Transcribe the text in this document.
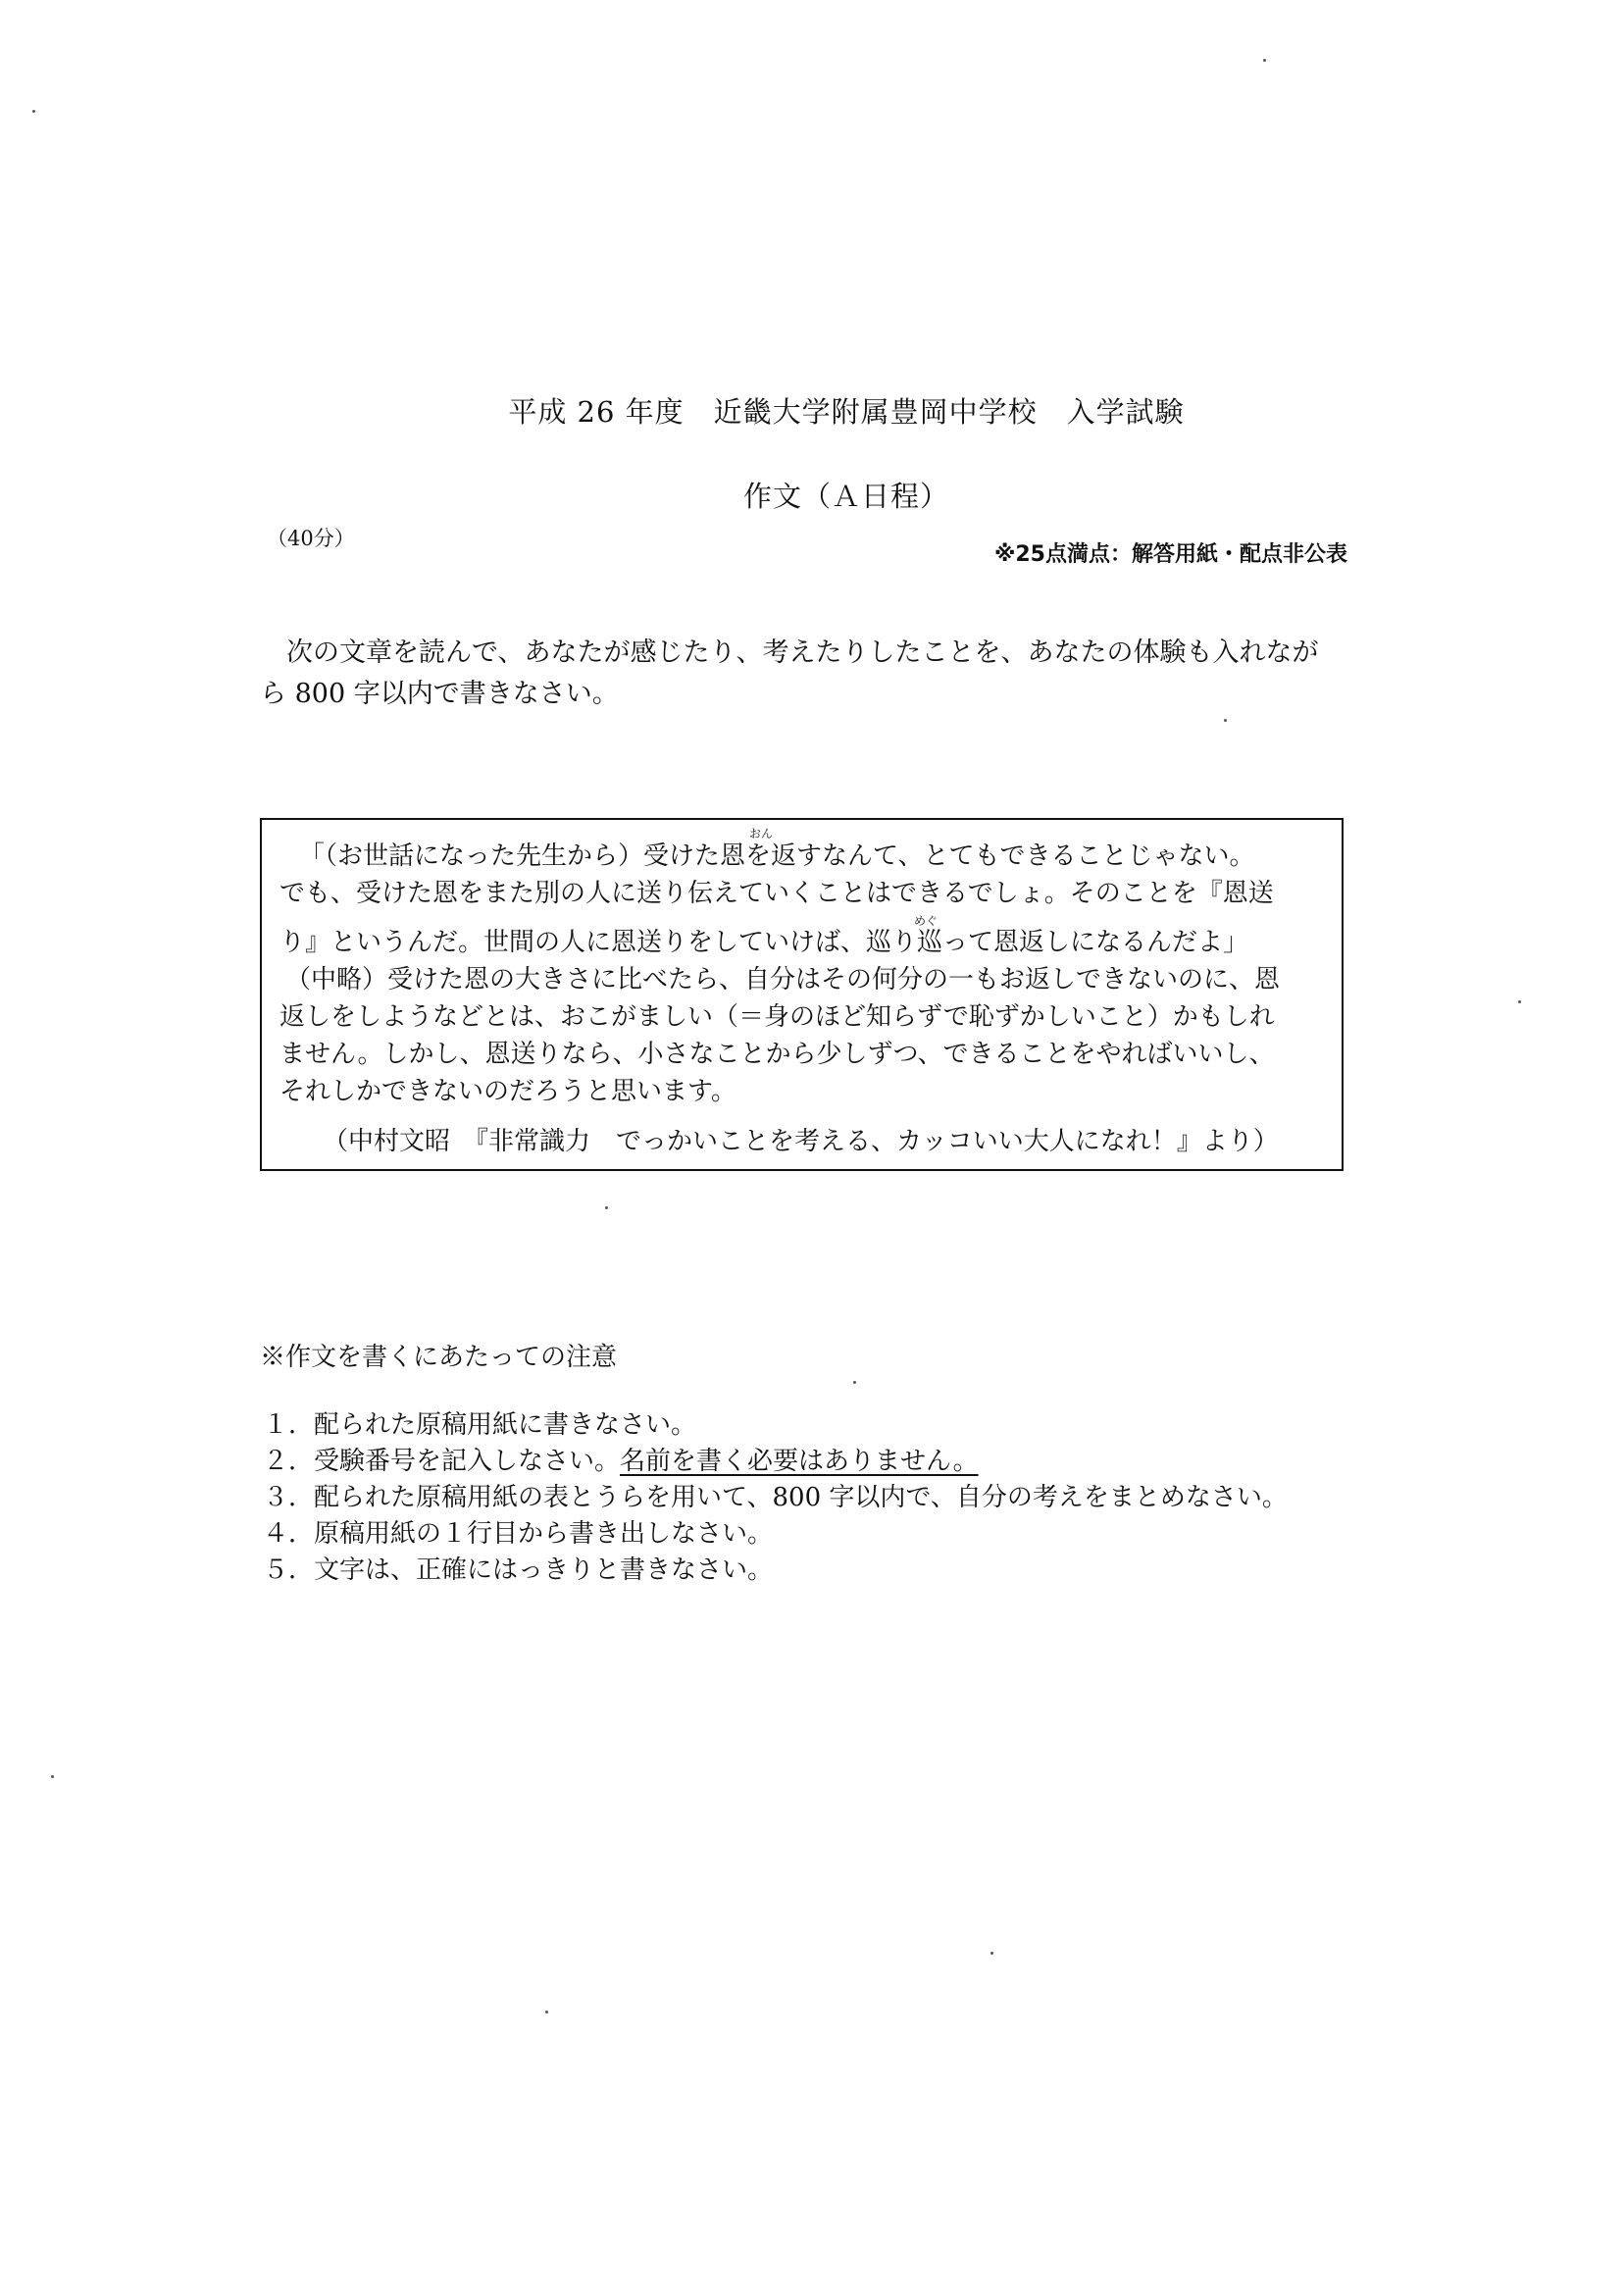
平成 26 年度　近畿大学附属豊岡中学校　入学試験
作文（Ａ日程）
（40分）
※25点満点：解答用紙・配点非公表
次の文章を読んで、あなたが感じたり、考えたりしたことを、あなたの体験も入れなが
ら 800 字以内で書きなさい。
おん
「（お世話になった先生から）受けた恩を返すなんて、とてもできることじゃない。
でも、受けた恩をまた別の人に送り伝えていくことはできるでしょ。そのことを『恩送
めぐ
り』というんだ。世間の人に恩送りをしていけば、巡り巡って恩返しになるんだよ」
（中略）受けた恩の大きさに比べたら、自分はその何分の一もお返しできないのに、恩
返しをしようなどとは、おこがましい（＝身のほど知らずで恥ずかしいこと）かもしれ
ません。しかし、恩送りなら、小さなことから少しずつ、できることをやればいいし、
それしかできないのだろうと思います。
（中村文昭　『非常識力　でっかいことを考える、カッコいい大人になれ！』より）
※作文を書くにあたっての注意
１．配られた原稿用紙に書きなさい。
２．受験番号を記入しなさい。名前を書く必要はありません。
３．配られた原稿用紙の表とうらを用いて、800 字以内で、自分の考えをまとめなさい。
４．原稿用紙の１行目から書き出しなさい。
５．文字は、正確にはっきりと書きなさい。
